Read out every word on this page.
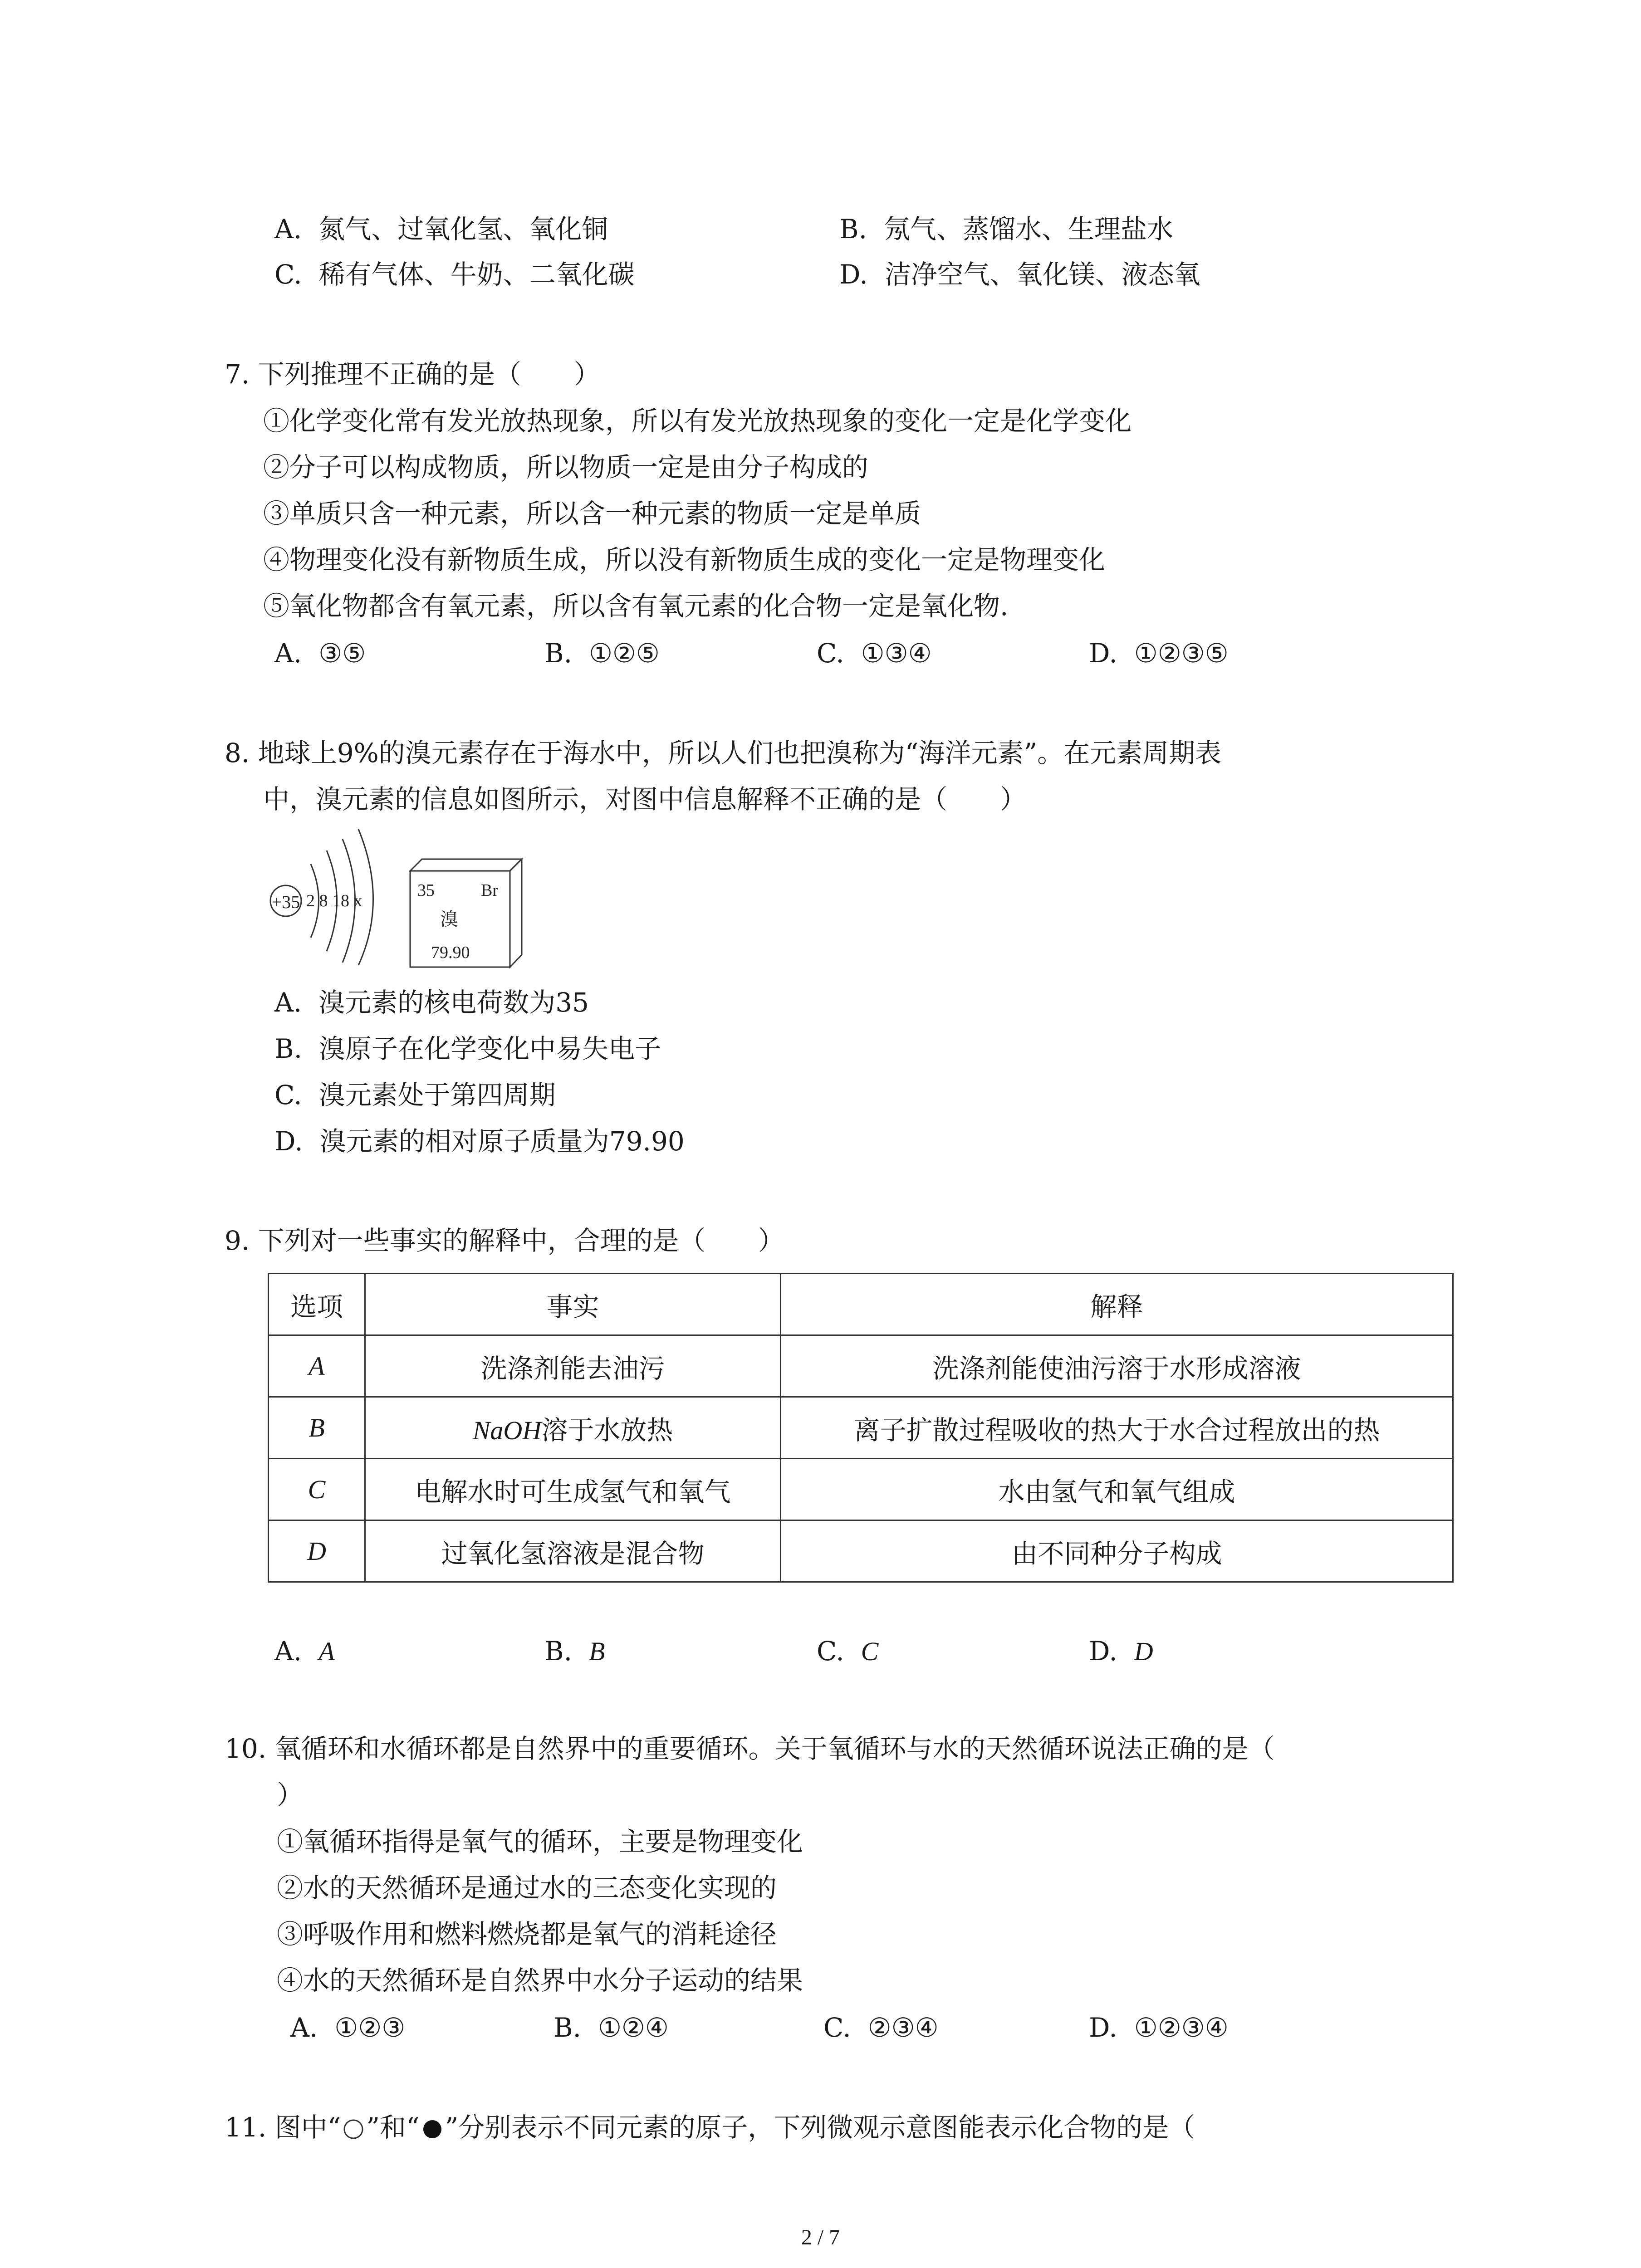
A. 氮气、过氧化氢、氧化铜	B. 氖气、蒸馏水、生理盐水
C. 稀有气体、牛奶、二氧化碳	D. 洁净空气、氧化镁、液态氧
7. 下列推理不正确的是（　　）
①化学变化常有发光放热现象，所以有发光放热现象的变化一定是化学变化
②分子可以构成物质，所以物质一定是由分子构成的
③单质只含一种元素，所以含一种元素的物质一定是单质
④物理变化没有新物质生成，所以没有新物质生成的变化一定是物理变化
⑤氧化物都含有氧元素，所以含有氧元素的化合物一定是氧化物.
A. ③⑤	B. ①②⑤	C. ①③④	D. ①②③⑤
8. 地球上9%的溴元素存在于海水中，所以人们也把溴称为“海洋元素”。在元素周期表
中，溴元素的信息如图所示，对图中信息解释不正确的是（　　）
+35 2 8 18 x
35	Br
溴
79.90
A. 溴元素的核电荷数为35
B. 溴原子在化学变化中易失电子
C. 溴元素处于第四周期
D. 溴元素的相对原子质量为79.90
9. 下列对一些事实的解释中，合理的是（　　）
选项	事实	解释
A	洗涤剂能去油污	洗涤剂能使油污溶于水形成溶液
B	NaOH溶于水放热	离子扩散过程吸收的热大于水合过程放出的热
C	电解水时可生成氢气和氧气	水由氢气和氧气组成
D	过氧化氢溶液是混合物	由不同种分子构成
A. A	B. B	C. C	D. D
10. 氧循环和水循环都是自然界中的重要循环。关于氧循环与水的天然循环说法正确的是（
）
①氧循环指得是氧气的循环，主要是物理变化
②水的天然循环是通过水的三态变化实现的
③呼吸作用和燃料燃烧都是氧气的消耗途径
④水的天然循环是自然界中水分子运动的结果
A. ①②③	B. ①②④	C. ②③④	D. ①②③④
11. 图中“ ”和“ ”分别表示不同元素的原子，下列微观示意图能表示化合物的是（
2 / 7
